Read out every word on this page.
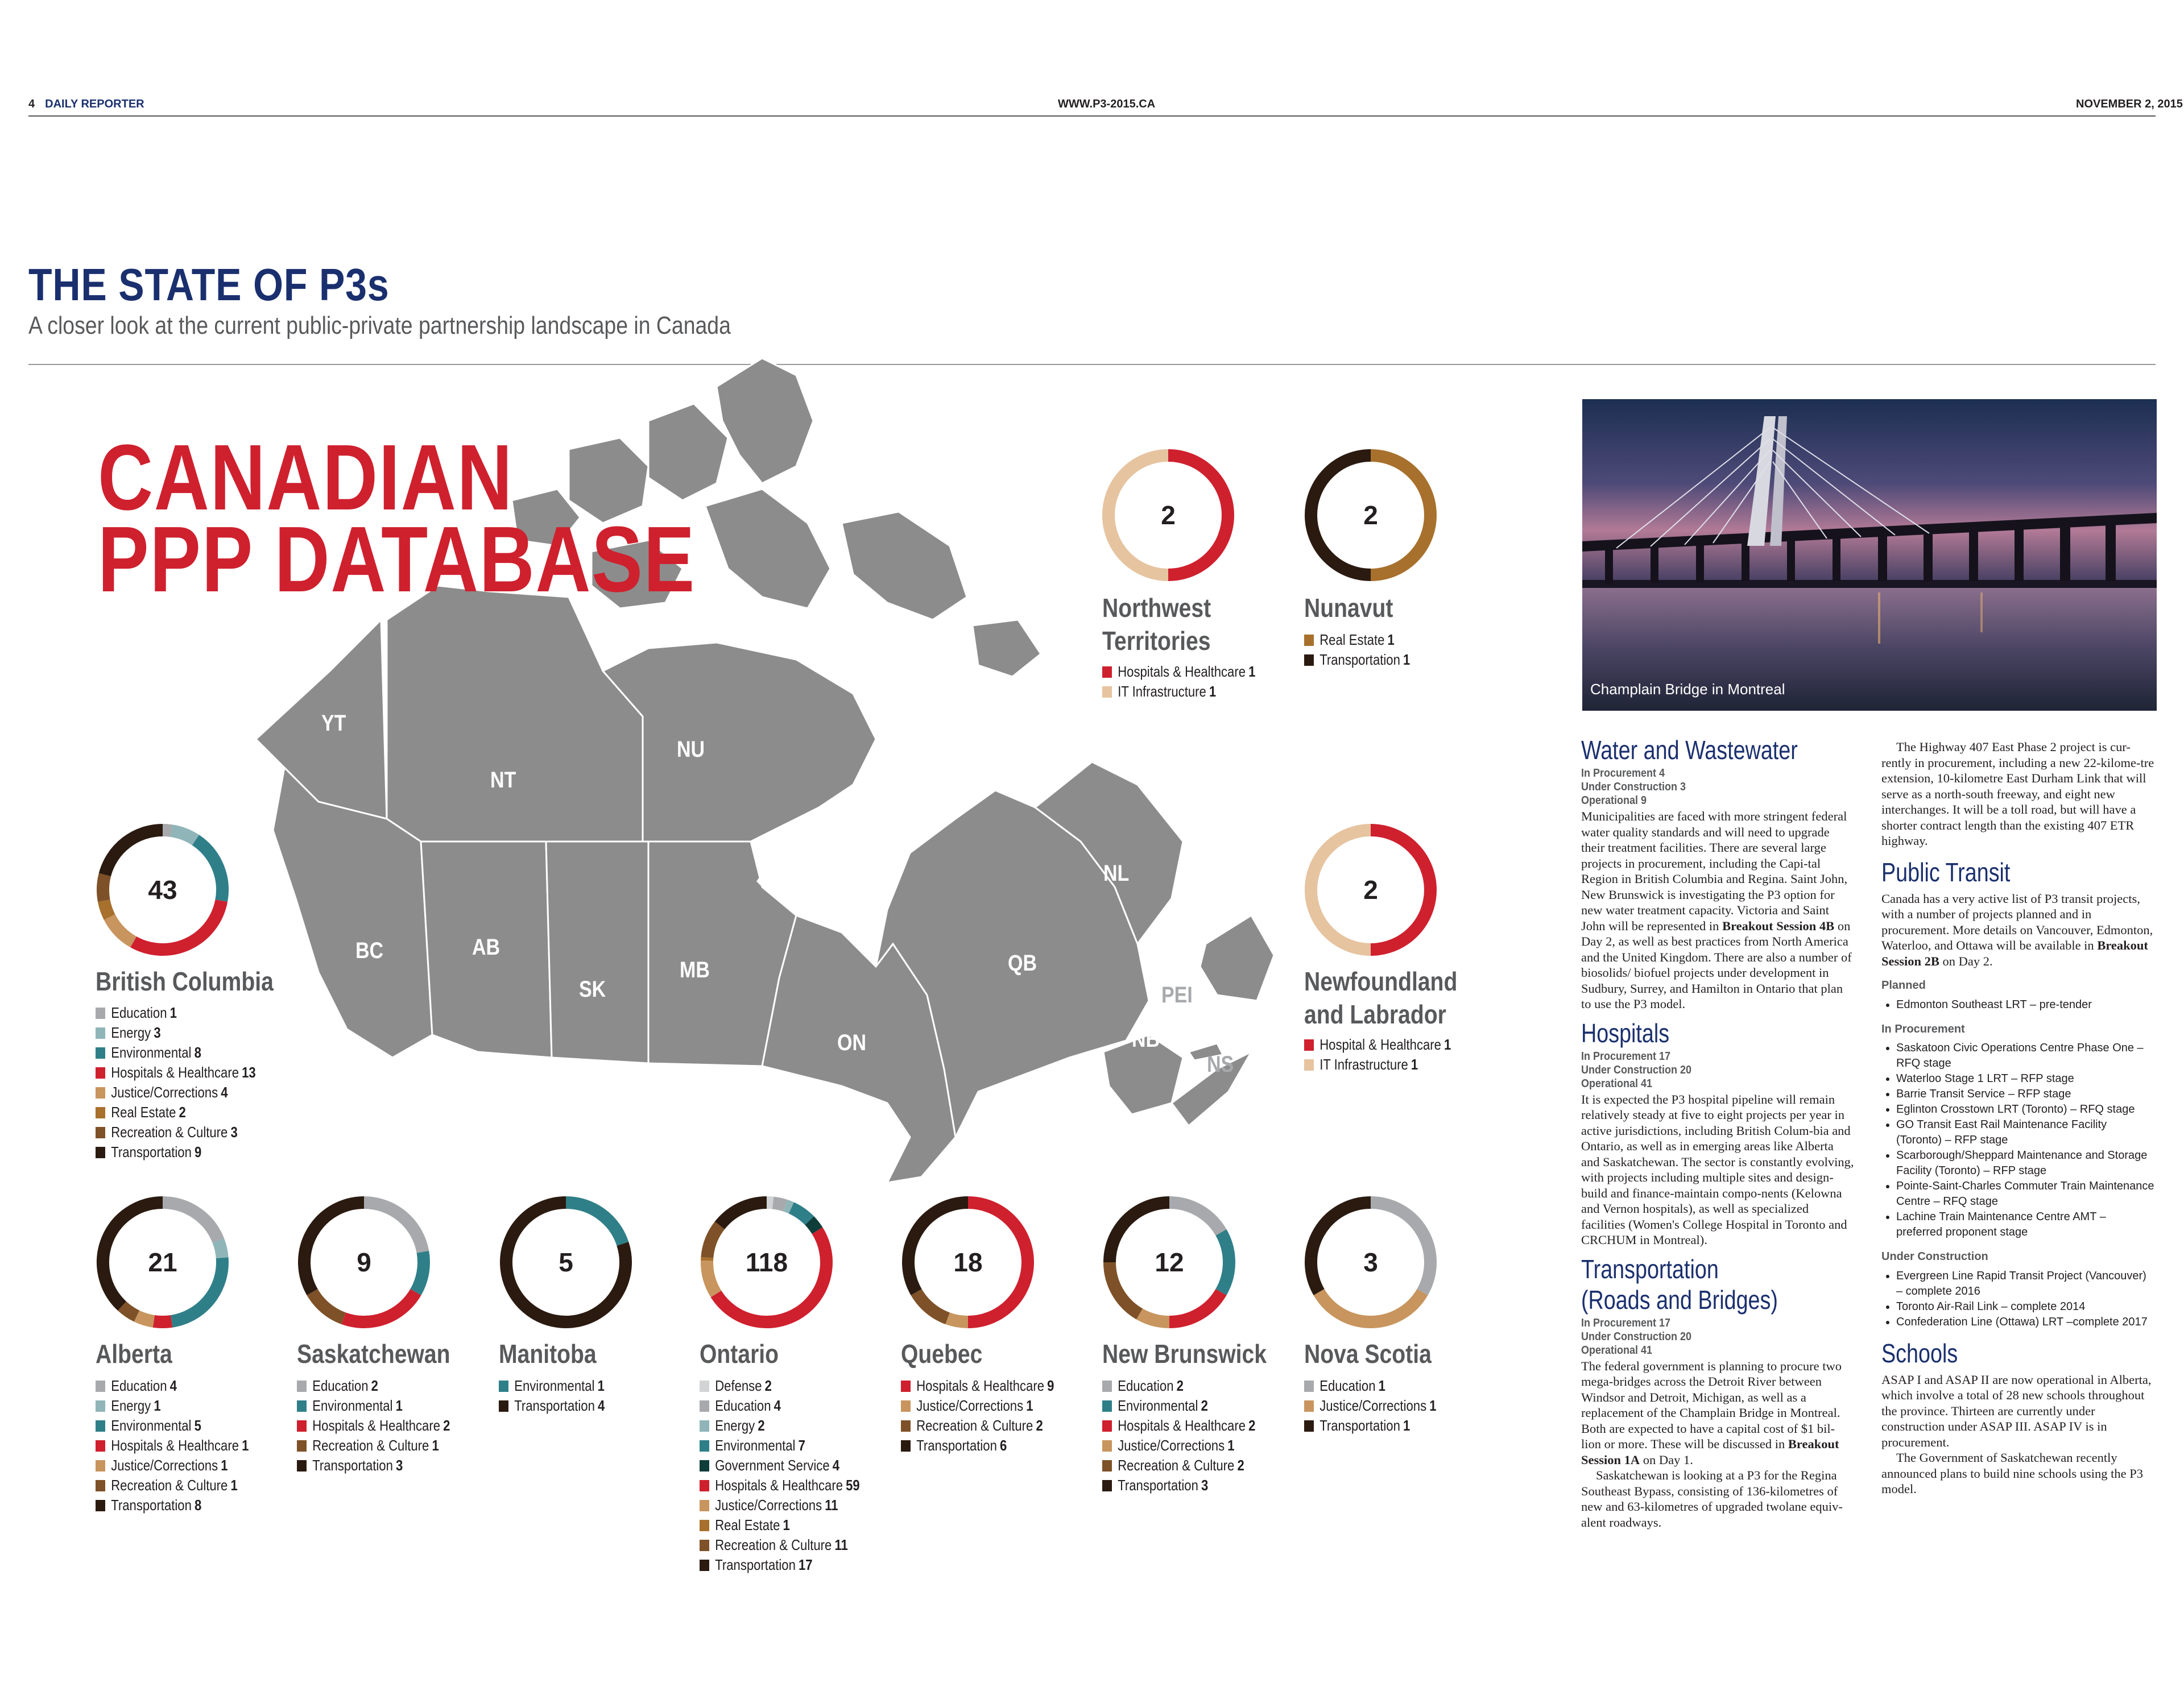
4 DAILY REPORTER	WWW.P3-2015.CA	NOVEMBER 2, 2015
THE STATE OF P3s
A closer look at the current public-private partnership landscape in Canada
YT
NT
NU
BC	AB
SK
MB
ON
QB
NL
PEI
NB
NS
CANADIAN
PPP DATABASE	2
Northwest
Territories
Hospitals & Healthcare 1
IT Infrastructure 1
2
Nunavut
Real Estate 1
Transportation 1
2
Newfoundland
and Labrador
Hospital & Healthcare 1
IT Infrastructure 1
43
British Columbia
Education 1
Energy 3
Environmental 8
Hospitals & Healthcare 13
Justice/Corrections 4
Real Estate 2
Recreation & Culture 3
Transportation 9
21
Alberta
Education 4
Energy 1
Environmental 5
Hospitals & Healthcare 1
Justice/Corrections 1
Recreation & Culture 1
Transportation 8
9
Saskatchewan
Education 2
Environmental 1
Hospitals & Healthcare 2
Recreation & Culture 1
Transportation 3
5
Manitoba
Environmental 1
Transportation 4
118
Ontario
Defense 2
Education 4
Energy 2
Environmental 7
Government Service 4
Hospitals & Healthcare 59
Justice/Corrections 11
Real Estate 1
Recreation & Culture 11
Transportation 17
18
Quebec
Hospitals & Healthcare 9
Justice/Corrections 1
Recreation & Culture 2
Transportation 6
12
New Brunswick
Education 2
Environmental 2
Hospitals & Healthcare 2
Justice/Corrections 1
Recreation & Culture 2
Transportation 3
3
Nova Scotia
Education 1
Justice/Corrections 1
Transportation 1
Champlain Bridge in Montreal
Water and Wastewater
In Procurement 4
Under Construction 3
Operational 9

Municipalities are faced with more stringent federal water quality standards and will need to upgrade their treatment facilities. There are several large projects in procurement, including the Capi-tal Region in British Columbia and Regina. Saint John, New Brunswick is investigating the P3 option for new water treatment capacity. Victoria and Saint John will be represented in Breakout Session 4B on Day 2, as well as best practices from North America and the United Kingdom. There are also a number of biosolids/ biofuel projects under development in Sudbury, Surrey, and Hamilton in Ontario that plan to use the P3 model.

Hospitals
In Procurement 17
Under Construction 20
Operational 41

It is expected the P3 hospital pipeline will remain relatively steady at five to eight projects per year in active jurisdictions, including British Colum-bia and Ontario, as well as in emerging areas like Alberta and Saskatchewan. The sector is constantly evolving, with projects including multiple sites and design-build and finance-maintain compo-nents (Kelowna and Vernon hospitals), as well as specialized facilities (Women's College Hospital in Toronto and CRCHUM in Montreal).

Transportation
(Roads and Bridges)
In Procurement 17
Under Construction 20
Operational 41

The federal government is planning to procure two mega-bridges across the Detroit River between Windsor and Detroit, Michigan, as well as a replacement of the Champlain Bridge in Montreal. Both are expected to have a capital cost of $1 bil-lion or more. These will be discussed in Breakout Session 1A on Day 1.

Saskatchewan is looking at a P3 for the Regina Southeast Bypass, consisting of 136-kilometres of new and 63-kilometres of upgraded twolane equiv-alent roadways.

The Highway 407 East Phase 2 project is cur-rently in procurement, including a new 22-kilome-tre extension, 10-kilometre East Durham Link that will serve as a north-south freeway, and eight new interchanges. It will be a toll road, but will have a shorter contract length than the existing 407 ETR highway.

Public Transit

Canada has a very active list of P3 transit projects, with a number of projects planned and in procurement. More details on Vancouver, Edmonton, Waterloo, and Ottawa will be available in Breakout Session 2B on Day 2.

Planned
• Edmonton Southeast LRT – pre-tender
In Procurement
• Saskatoon Civic Operations Centre Phase One – RFQ stage
• Waterloo Stage 1 LRT – RFP stage
• Barrie Transit Service – RFP stage
• Eglinton Crosstown LRT (Toronto) – RFQ stage
• GO Transit East Rail Maintenance Facility (Toronto) – RFP stage
• Scarborough/Sheppard Maintenance and Storage Facility (Toronto) – RFP stage
• Pointe-Saint-Charles Commuter Train Maintenance Centre – RFQ stage
• Lachine Train Maintenance Centre AMT – preferred proponent stage
Under Construction
• Evergreen Line Rapid Transit Project (Vancouver) – complete 2016
• Toronto Air-Rail Link – complete 2014
• Confederation Line (Ottawa) LRT –complete 2017
Schools

ASAP I and ASAP II are now operational in Alberta, which involve a total of 28 new schools throughout the province. Thirteen are currently under construction under ASAP III. ASAP IV is in procurement.

The Government of Saskatchewan recently announced plans to build nine schools using the P3 model.
